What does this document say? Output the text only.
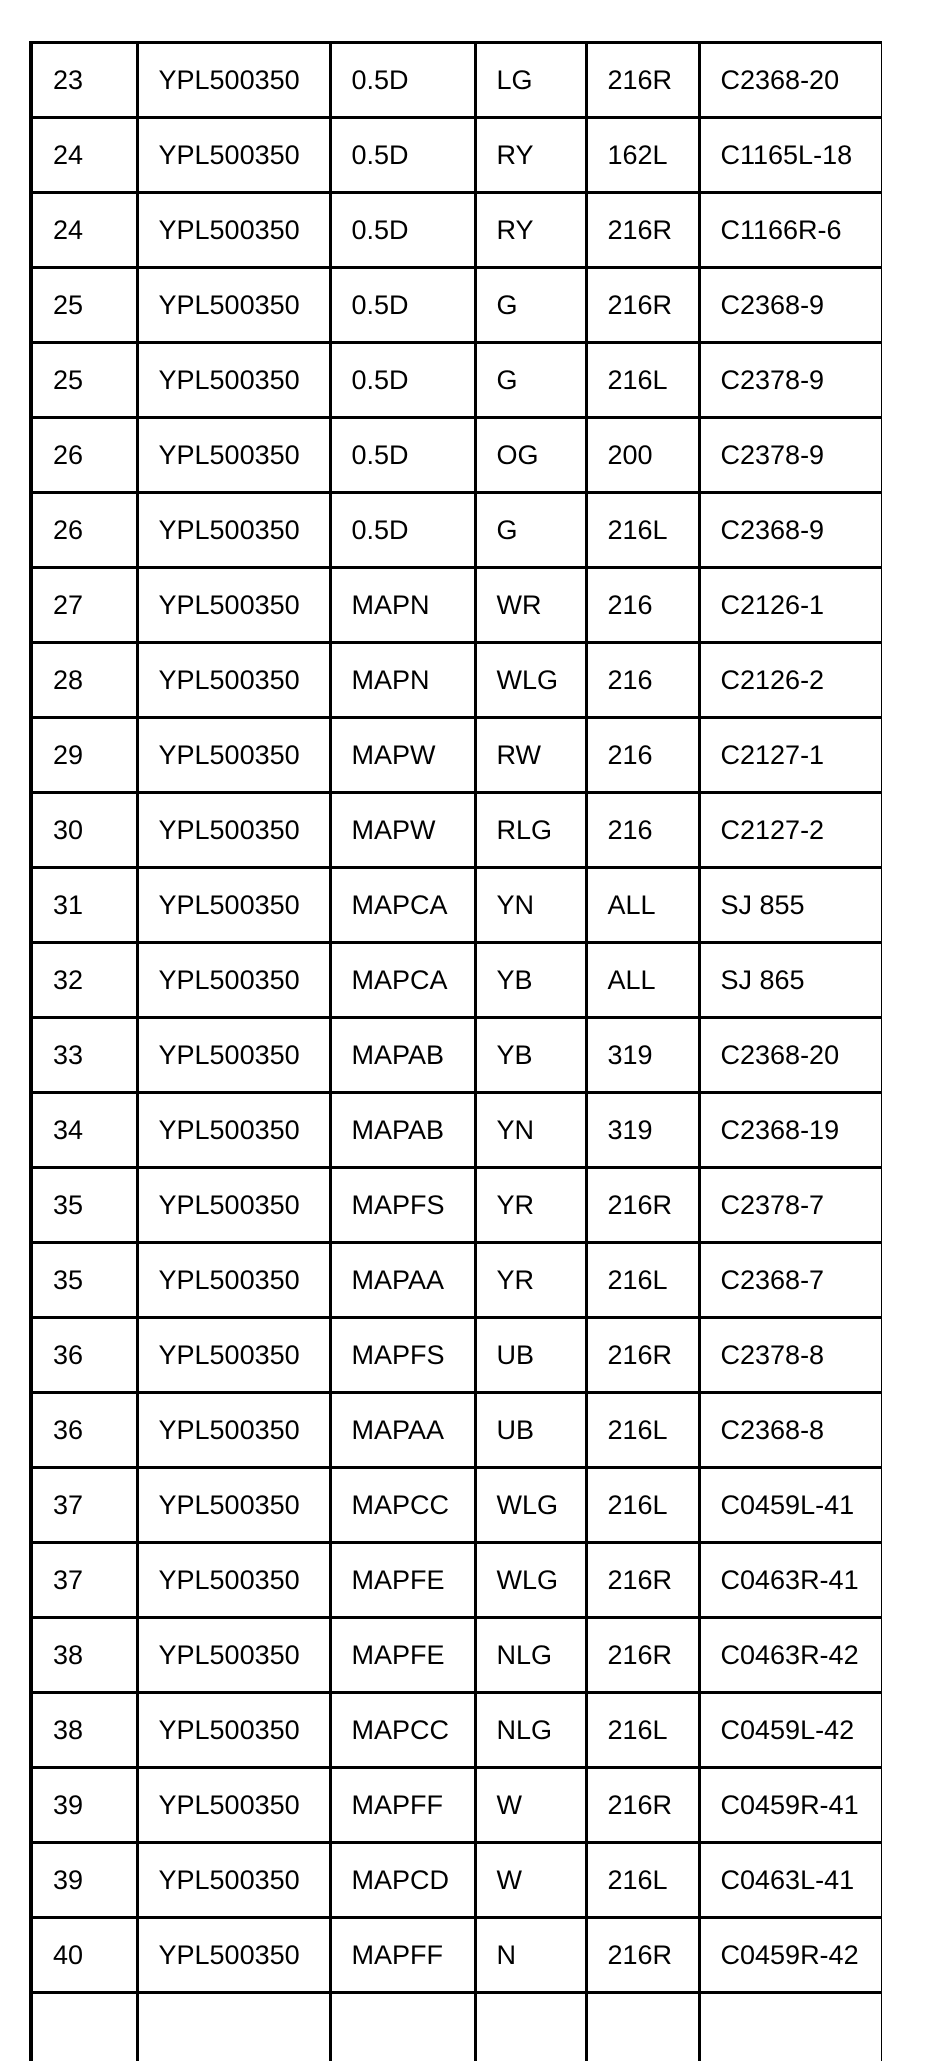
23	YPL500350	0.5D	LG	216R	C2368-20
24	YPL500350	0.5D	RY	162L	C1165L-18
24	YPL500350	0.5D	RY	216R	C1166R-6
25	YPL500350	0.5D	G	216R	C2368-9
25	YPL500350	0.5D	G	216L	C2378-9
26	YPL500350	0.5D	OG	200	C2378-9
26	YPL500350	0.5D	G	216L	C2368-9
27	YPL500350	MAPN	WR	216	C2126-1
28	YPL500350	MAPN	WLG	216	C2126-2
29	YPL500350	MAPW	RW	216	C2127-1
30	YPL500350	MAPW	RLG	216	C2127-2
31	YPL500350	MAPCA	YN	ALL	SJ 855
32	YPL500350	MAPCA	YB	ALL	SJ 865
33	YPL500350	MAPAB	YB	319	C2368-20
34	YPL500350	MAPAB	YN	319	C2368-19
35	YPL500350	MAPFS	YR	216R	C2378-7
35	YPL500350	MAPAA	YR	216L	C2368-7
36	YPL500350	MAPFS	UB	216R	C2378-8
36	YPL500350	MAPAA	UB	216L	C2368-8
37	YPL500350	MAPCC	WLG	216L	C0459L-41
37	YPL500350	MAPFE	WLG	216R	C0463R-41
38	YPL500350	MAPFE	NLG	216R	C0463R-42
38	YPL500350	MAPCC	NLG	216L	C0459L-42
39	YPL500350	MAPFF	W	216R	C0459R-41
39	YPL500350	MAPCD	W	216L	C0463L-41
40	YPL500350	MAPFF	N	216R	C0459R-42
